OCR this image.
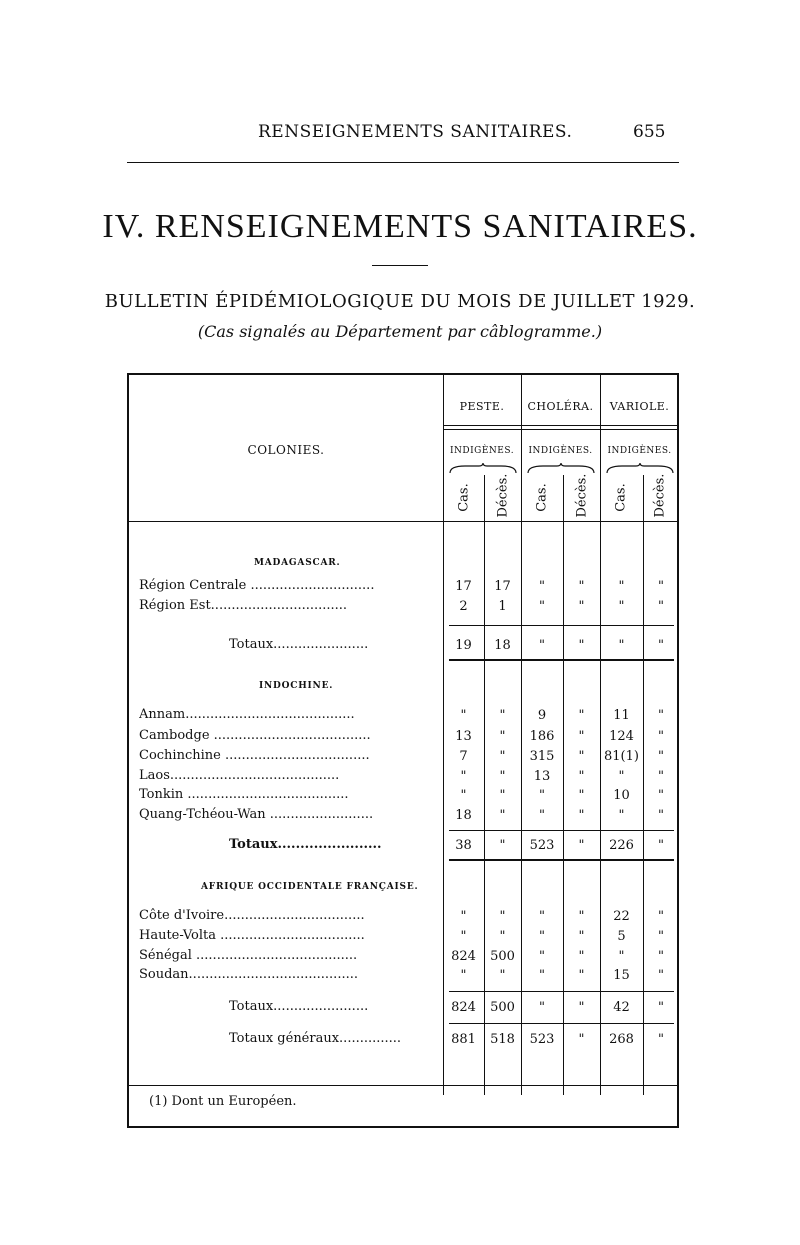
RENSEIGNEMENTS SANITAIRES.	655
IV. RENSEIGNEMENTS SANITAIRES.
BULLETIN ÉPIDÉMIOLOGIQUE DU MOIS DE JUILLET 1929.
(Cas signalés au Département par câblogramme.)
PESTE.	CHOLÉRA.	VARIOLE.
COLONIES.	INDIGÈNES.	INDIGÈNES.	INDIGÈNES.
Cas. Décès. Cas. Décès. Cas. Décès.
MADAGASCAR.
Région Centrale ..............................	17	17	"	"	"	"
Région Est.................................	2	1	"	"	"	"
Totaux.......................	19	18	"	"	"	"
INDOCHINE.
Annam.........................................	"	"	9	"	11	"
Cambodge ......................................	13	"	186	"	124	"
Cochinchine ...................................	7	"	315	"	81(1)	"
Laos.........................................	"	"	13	"	"	"
Tonkin .......................................	"	"	"	"	10	"
Quang-Tchéou-Wan .........................	18	"	"	"	"	"
Totaux.......................	38	"	523	"	226	"
AFRIQUE OCCIDENTALE FRANÇAISE.
Côte d'Ivoire..................................	"	"	"	"	22	"
Haute-Volta ...................................	"	"	"	"	5	"
Sénégal .......................................	824	500	"	"	"	"
Soudan.........................................	"	"	"	"	15	"
Totaux.......................	824	500	"	"	42	"
Totaux généraux...............	881	518	523	"	268	"
(1) Dont un Européen.
